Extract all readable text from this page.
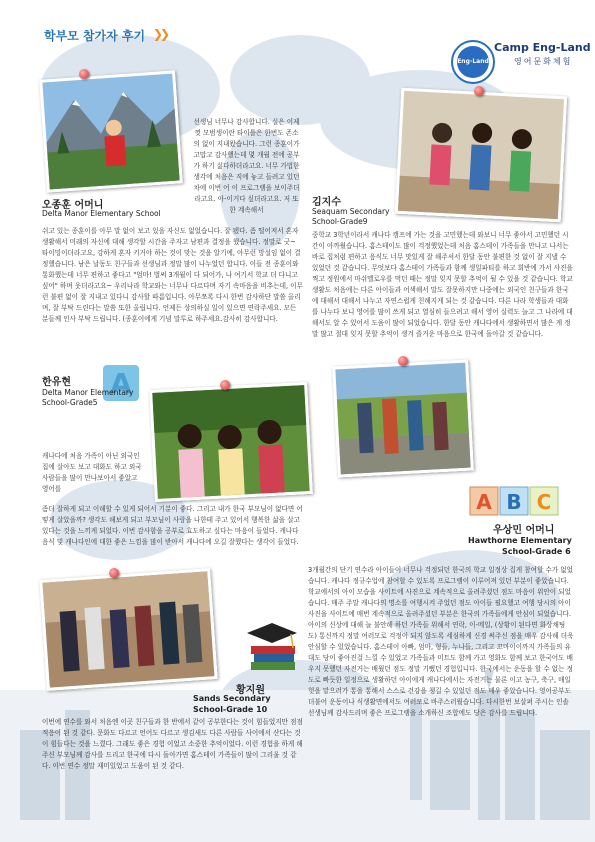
학부모 참가자 후기 ❯❯
Eng-Land
Camp Eng-Land
영어문화체험
선생님 너무나 감사합니다. 실은 이제껏 모범생이란 타이틀은 한번도 존소의 없이 지내왔습니다. 그런 종훈이가 고맙고 감사했는데 몇 개월 전에 공부가 하기 싫다하더라고요. 너무 가법한 생각에 처음은 직에 놓고 들려고 있던 차에 이번 어 이 프로그램을 보이주더라고요. 아-이거다 싶더라고요. 저 또한 계속해서
오종훈 어머니
Delta Manor Elementary School
쉬고 있는 종훈이를 아무 말 없이 보고 있을 자신도 없었습니다. 잘 됐다. 좀 떨어져서 혼자 생활해서 미래의 자신에 대해 생각할 시간을 주자고 남편과 결정을 했습니다. 정말로 굿~ 타이밍이더라고요, 강하게 혼자 키거야 하는 것이 맞는 것을 알기에, 아무런 망설임 없이 결정했습니다. 남은 날동도 친구들과 선생님과 정말 많이 나누었던 합니다. 이들 전 종훈이와 통화했는데 너무 편하고 좋다고 "엄마! 벌써 3개월이 다 되어가, 나 여기서 학교 더 다니고 싶어" 하며 웃더라고요~ 우리나라 학교와는 너무나 다르다며 자기 속마음을 비추는데, 이무런 불편 없이 잘 지내고 있다니 감사할 따름입니다. 아무쪼록 다시 한번 감사하단 말씀 올리며, 잘 부탁 드린다는 말씀 또한 올립니다. 언제든 상의하실 일이 있으면 연락주세요. 모든 분들께 인사 부탁 드립니다. (종훈이에게 기념 말투로 하주세요.감사히 감사합니다.
김지수
Seaquam Secondary School-Grade9
중학교 3학년이라서 캐나다 캠프에 가는 것을 고민했는데 와보니 너무 좋아서 고민했던 시간이 아까웠습니다. 홈스테이도 많이 걱정했었는데 처음 홈스테이 가족들을 만나고 나서는 바로 집처럼 편하고 음식도 너무 맛있게 잘 해주셔서 한달 동안 불편한 것 없이 잘 지낼 수 있었던 것 같습니다. 무엇보다 홈스테이 가족들과 함께 생일파티를 하고 회반에 가서 사진을 찍고 정원에서 마쉬멜로우를 먹던 때는 정말 잊지 못할 추억이 될 수 있을 것 같습니다. 학교생활도 처음에는 다른 아이들과 어색해서 말도 잘못하지만 나중에는 외국인 친구들과 한국에 대해서 대해서 나누고 자연스럽게 친해지게 되는 것 같습니다. 다른 나라 학생들과 대화를 나누다 보니 영어를 많이 쓰게 되고 열심히 들으려고 해서 영어 실력도 늘고 그 나라에 대해서도 알 수 있어서 도움이 많이 되었습니다. 한달 동안 캐나다에서 생활하면서 많은 게 정말 많고 절대 잊지 못할 추억이 생겨 즐거운 마음으로 한국에 돌아갈 것 같습니다.
A
한유현
Delta Manor Elementary School-Grade5
캐나다에 처음 가족이 아닌 외국인 집에 살아도 보고 대화도 하고 외국사람들을 많이 만나보아서 좋았고 영어를
좀더 잘하게 되고 이해할 수 있게 되어서 기분이 좋다. 그리고 내가 한국 부모님이 없다면 어떻게 살았을까? 생각도 해보게 되고 부모님이 사랑을 나한테 주고 있어서 행복한 삶을 살고 있다는 것을 느끼게 되었다. 이번 감사함을 공부로 효도하고 싶다는 마음이 들었다. 캐나다 음식 및 캐나다인에 대한 좋은 느낌을 많이 받아서 캐나다에 오길 잘했다는 생각이 들었다.
A B C
우상민 어머니
Hawthorne Elementary
School-Grade 6
3개월간의 단기 연수라 아이들이 너무나 걱정되던 한국의 학교 일정상 집게 참여할 수가 없었습니다. 캐나다 정규수업에 참여할 수 있도록 프로그램이 이루어져 있던 부분이 좋았습니다. 학교에서의 아이 모습을 사이트에 사진으로 계속적으로 올려주셨던 점도 마음이 위안이 되었습니다. 매주 주말 캐나다의 명소를 여행시켜 주었던 점도 아이들 필요했고 여행 당시의 아이 사진을 사이트에 매번 계속적으로 올려주셨던 부분은 한국의 가족들에게 안심이 되었습니다. 아이의 신상에 대해 늘 불안해 하던 가족들 위해서 연락, 이-메일, (상황이 된다면 화상채팅도) 통신까지 정말 여러모로 걱정이 되지 않도록 세심하게 신경 써주신 점을 매우 감사해 더욱 안심할 수 있었습니다. 홈스테이 아빠, 엄마, 형들, 누나들, 그리고 꼬마이이까지 가족들의 유대도 당이 좋아진걸 느낄 수 있었고 가족들과 미트도 함께 가고 영화도 함께 보고 한국어도 배우지 못했던 자전거는 배웠던 점도 정말 기뻤던 경험입니다. 한국에서는 운동을 할 수 없는 정도로 빠듯한 일정으로 생활하던 아이에게 캐나다에서는 자전거는 물론 이고 농구, 축구, 매일 헛을 맡으러가 통을 통해서 스스로 건강을 챙길 수 있었던 점도 매우 좋았습니다. 영어공부도 더불어 운동이나 식생활면에서도 여러모로 바주스러웠습니다. 다시한번 보살펴 주시는 인솔 선생님께 감사드리며 좋은 프로그램을 소개하신 조합에도 당은 감사를 드립니다.
황지원
Sands Secondary
School-Grade 10
이번에 연수를 와서 처음엔 이곳 친구들과 한 반에서 같이 공부한다는 것이 힘들었지만 점점 적응이 된 것 같다. 문화도 다르고 언어도 다르고 생김새도 다른 사람들 사이에서 산다는 것이 힘들다는 것을 느꼈다. 그래도 좋은 경험 이었고 소중한 추억이었다. 이런 경험을 하게 해 주신 부모님께 감사를 드리고 한국에 다시 돌아가면 홈스테이 가족들이 많이 그리울 것 같다. 이번 연수 정말 재미있었고 도움이 된 것 같다.
